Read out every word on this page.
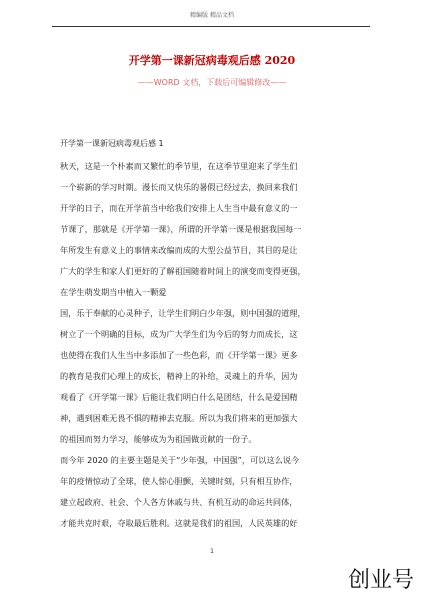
精编版 精品文档
开学第一课新冠病毒观后感 2020
——WORD 文档，下载后可编辑修改——

开学第一课新冠病毒观后感 1

秋天，这是一个朴素而又繁忙的季节里，在这季节里迎来了学生们

一个崭新的学习时期。漫长而又快乐的暑假已经过去，换回来我们

开学的日子，而在开学前当中给我们安排上人生当中最有意义的一

节课了，那就是《开学第一课》，所谓的开学第一课是根据我国每一

年所发生有意义上的事情来改编而成的大型公益节目，其目的是让

广大的学生和家人们更好的了解祖国随着时间上的演变而变得更强，

在学生萌发期当中植入一颗爱

国，乐于奉献的心灵种子，让学生们明白少年强，则中国强的道理，

树立了一个明确的目标，成为广大学生们为今后的努力而成长，这

也使得在我们人生当中多添加了一些色彩，而《开学第一课》更多

的教育是我们心理上的成长，精神上的补给，灵魂上的升华，因为

观看了《开学第一课》后能让我们明白什么是团结，什么是爱国精

神，遇到困难无畏不惧的精神去克服。所以为我们将来的更加强大

的祖国而努力学习，能够成为为祖国做贡献的一份子。

而今年 2020 的主要主题是关于“少年强，中国强”，可以这么说今

年的疫情惊动了全球，使人惊心胆颤，关键时刻，只有相互协作，

建立起政府、社会、个人各方休戚与共、有机互动的命运共同体，

才能共克时艰，夺取最后胜利。这就是我们的祖国，人民英雄的好

1
创业号
